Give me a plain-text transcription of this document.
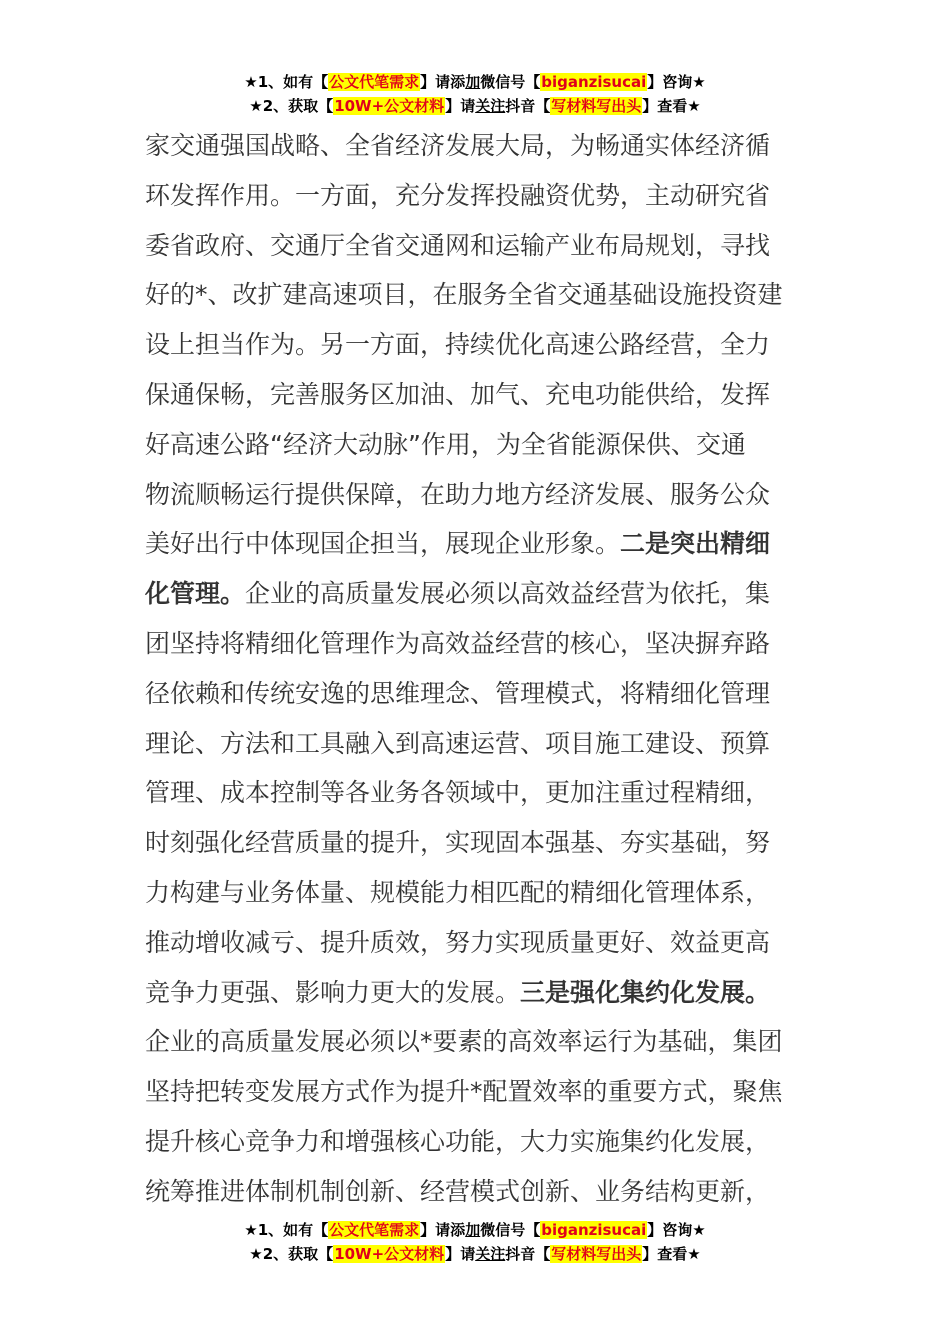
★1、如有【公文代笔需求】请添加微信号【biganzisucai】咨询★
★2、获取【10W+公文材料】请关注抖音【写材料写出头】查看★
家交通强国战略、全省经济发展大局，为畅通实体经济循
环发挥作用。一方面，充分发挥投融资优势，主动研究省
委省政府、交通厅全省交通网和运输产业布局规划，寻找
好的*、改扩建高速项目，在服务全省交通基础设施投资建
设上担当作为。另一方面，持续优化高速公路经营，全力
保通保畅，完善服务区加油、加气、充电功能供给，发挥
好高速公路“经济大动脉”作用，为全省能源保供、交通
物流顺畅运行提供保障，在助力地方经济发展、服务公众
美好出行中体现国企担当，展现企业形象。二是突出精细
化管理。企业的高质量发展必须以高效益经营为依托，集
团坚持将精细化管理作为高效益经营的核心，坚决摒弃路
径依赖和传统安逸的思维理念、管理模式，将精细化管理
理论、方法和工具融入到高速运营、项目施工建设、预算
管理、成本控制等各业务各领域中，更加注重过程精细，
时刻强化经营质量的提升，实现固本强基、夯实基础，努
力构建与业务体量、规模能力相匹配的精细化管理体系，
推动增收减亏、提升质效，努力实现质量更好、效益更高
竞争力更强、影响力更大的发展。三是强化集约化发展。
企业的高质量发展必须以*要素的高效率运行为基础，集团
坚持把转变发展方式作为提升*配置效率的重要方式，聚焦
提升核心竞争力和增强核心功能，大力实施集约化发展，
统筹推进体制机制创新、经营模式创新、业务结构更新，
★1、如有【公文代笔需求】请添加微信号【biganzisucai】咨询★
★2、获取【10W+公文材料】请关注抖音【写材料写出头】查看★
